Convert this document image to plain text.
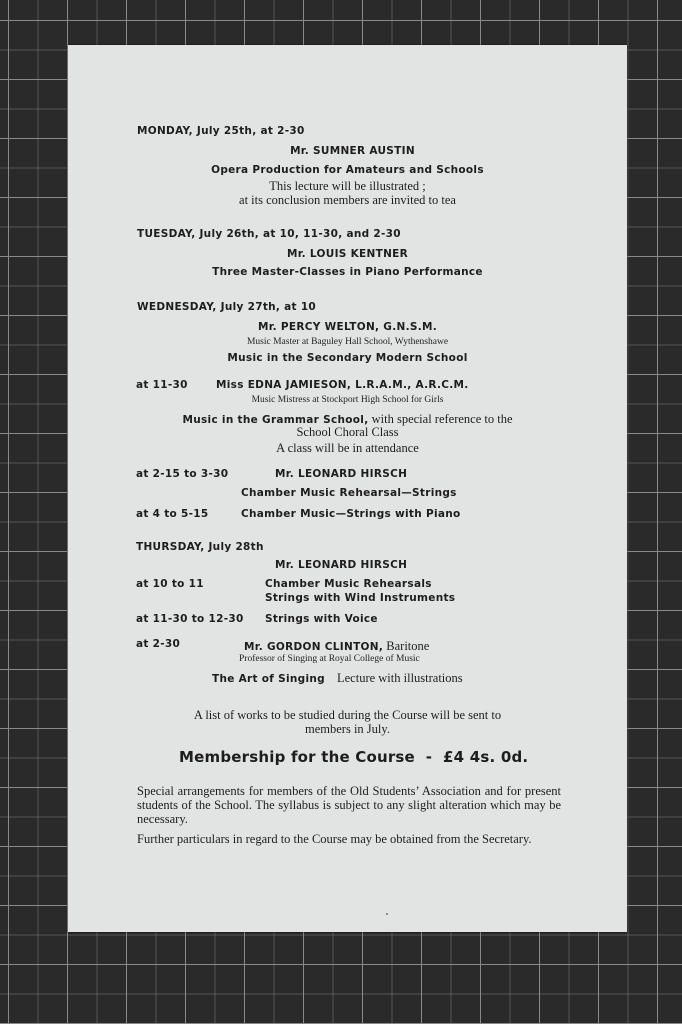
MONDAY, July 25th, at 2-30
Mr. SUMNER AUSTIN
Opera Production for Amateurs and Schools
This lecture will be illustrated ;
at its conclusion members are invited to tea
TUESDAY, July 26th, at 10, 11-30, and 2-30
Mr. LOUIS KENTNER
Three Master-Classes in Piano Performance
WEDNESDAY, July 27th, at 10
Mr. PERCY WELTON, G.N.S.M.
Music Master at Baguley Hall School, Wythenshawe
Music in the Secondary Modern School
at 11-30	Miss EDNA JAMIESON, L.R.A.M., A.R.C.M.
Music Mistress at Stockport High School for Girls
Music in the Grammar School, with special reference to the
School Choral Class
A class will be in attendance
at 2-15 to 3-30	Mr. LEONARD HIRSCH
Chamber Music Rehearsal—Strings
at 4 to 5-15	Chamber Music—Strings with Piano
THURSDAY, July 28th
Mr. LEONARD HIRSCH
at 10 to 11	Chamber Music Rehearsals
Strings with Wind Instruments
at 11-30 to 12-30 Strings with Voice
at 2-30	Mr. GORDON CLINTON, Baritone
Professor of Singing at Royal College of Music
The Art of Singing Lecture with illustrations
A list of works to be studied during the Course will be sent to
members in July.
Membership for the Course  -  £4 4s. 0d.
Special arrangements for members of the Old Students’ Association and for present students of the School. The syllabus is subject to any slight alteration which may be necessary.
Further particulars in regard to the Course may be obtained from the Secretary.
